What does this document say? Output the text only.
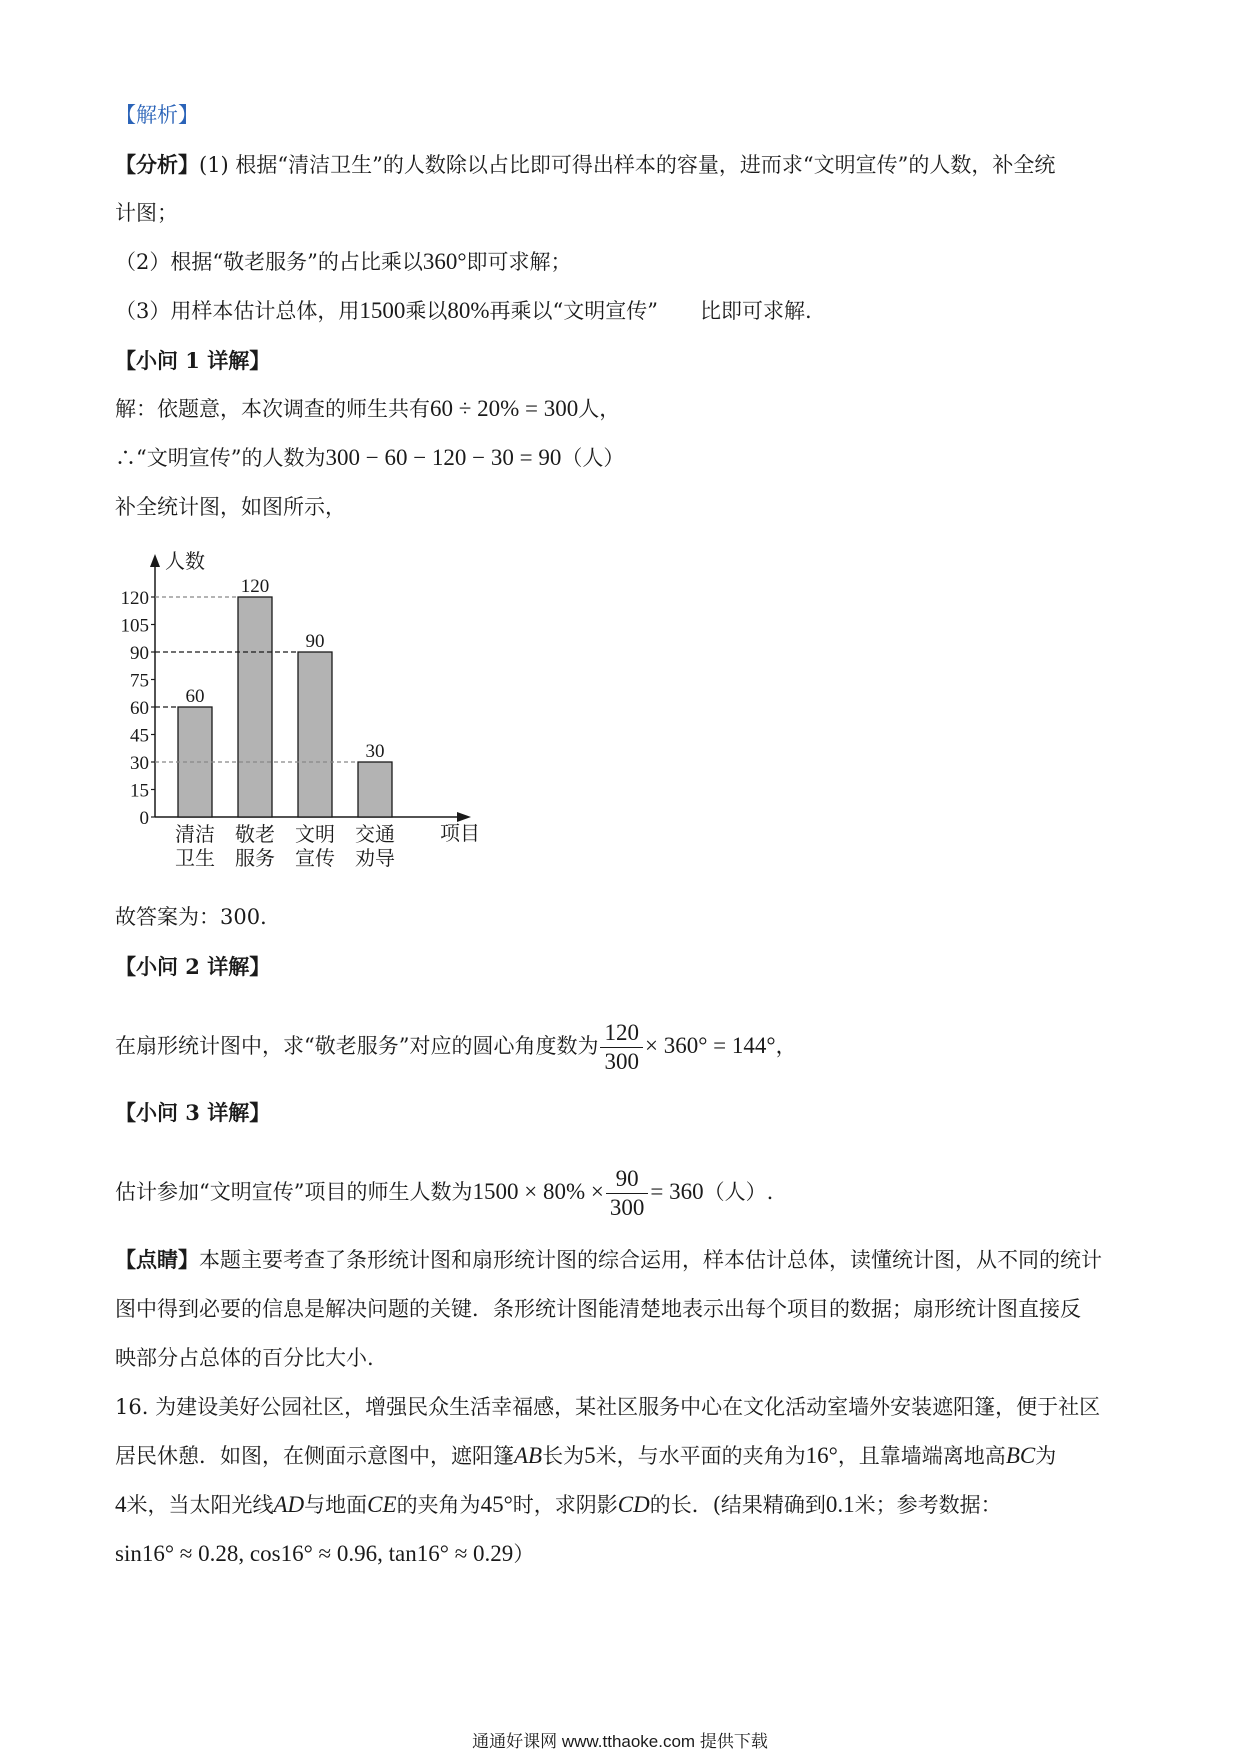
【解析】
【分析】(1) 根据“清洁卫生”的人数除以占比即可得出样本的容量，进而求“文明宣传”的人数，补全统
计图；
（2）根据“敬老服务”的占比乘以360°即可求解；
（3）用样本估计总体，用1500乘以80%再乘以“文明宣传”　　比即可求解.
【小问 1 详解】
解：依题意，本次调查的师生共有60 ÷ 20% = 300人，
∴“文明宣传”的人数为300 − 60 − 120 − 30 = 90（人）
补全统计图，如图所示，
0
15
30
45
60
75
90
105
120
人数
项目
60
清洁
卫生
120
敬老
服务
90
文明
宣传
30
交通
劝导
故答案为：300．
【小问 2 详解】
在扇形统计图中，求“敬老服务”对应的圆心角度数为 $\frac{120}{300} \times 360^\circ = 144^\circ$，
【小问 3 详解】
估计参加“文明宣传”项目的师生人数为$1500 \times 80\% \times \frac{90}{300} = 360$（人）.
【点睛】本题主要考查了条形统计图和扇形统计图的综合运用，样本估计总体，读懂统计图，从不同的统计
图中得到必要的信息是解决问题的关键．条形统计图能清楚地表示出每个项目的数据；扇形统计图直接反
映部分占总体的百分比大小.
16. 为建设美好公园社区，增强民众生活幸福感，某社区服务中心在文化活动室墙外安装遮阳篷，便于社区
居民休憩．如图，在侧面示意图中，遮阳篷AB长为5米，与水平面的夹角为16°，且靠墙端离地高BC为
4米，当太阳光线AD与地面CE的夹角为45°时，求阴影CD的长．(结果精确到0.1米；参考数据：
sin16° ≈ 0.28, cos16° ≈ 0.96, tan16° ≈ 0.29）
通通好课网 www.tthaoke.com 提供下载
